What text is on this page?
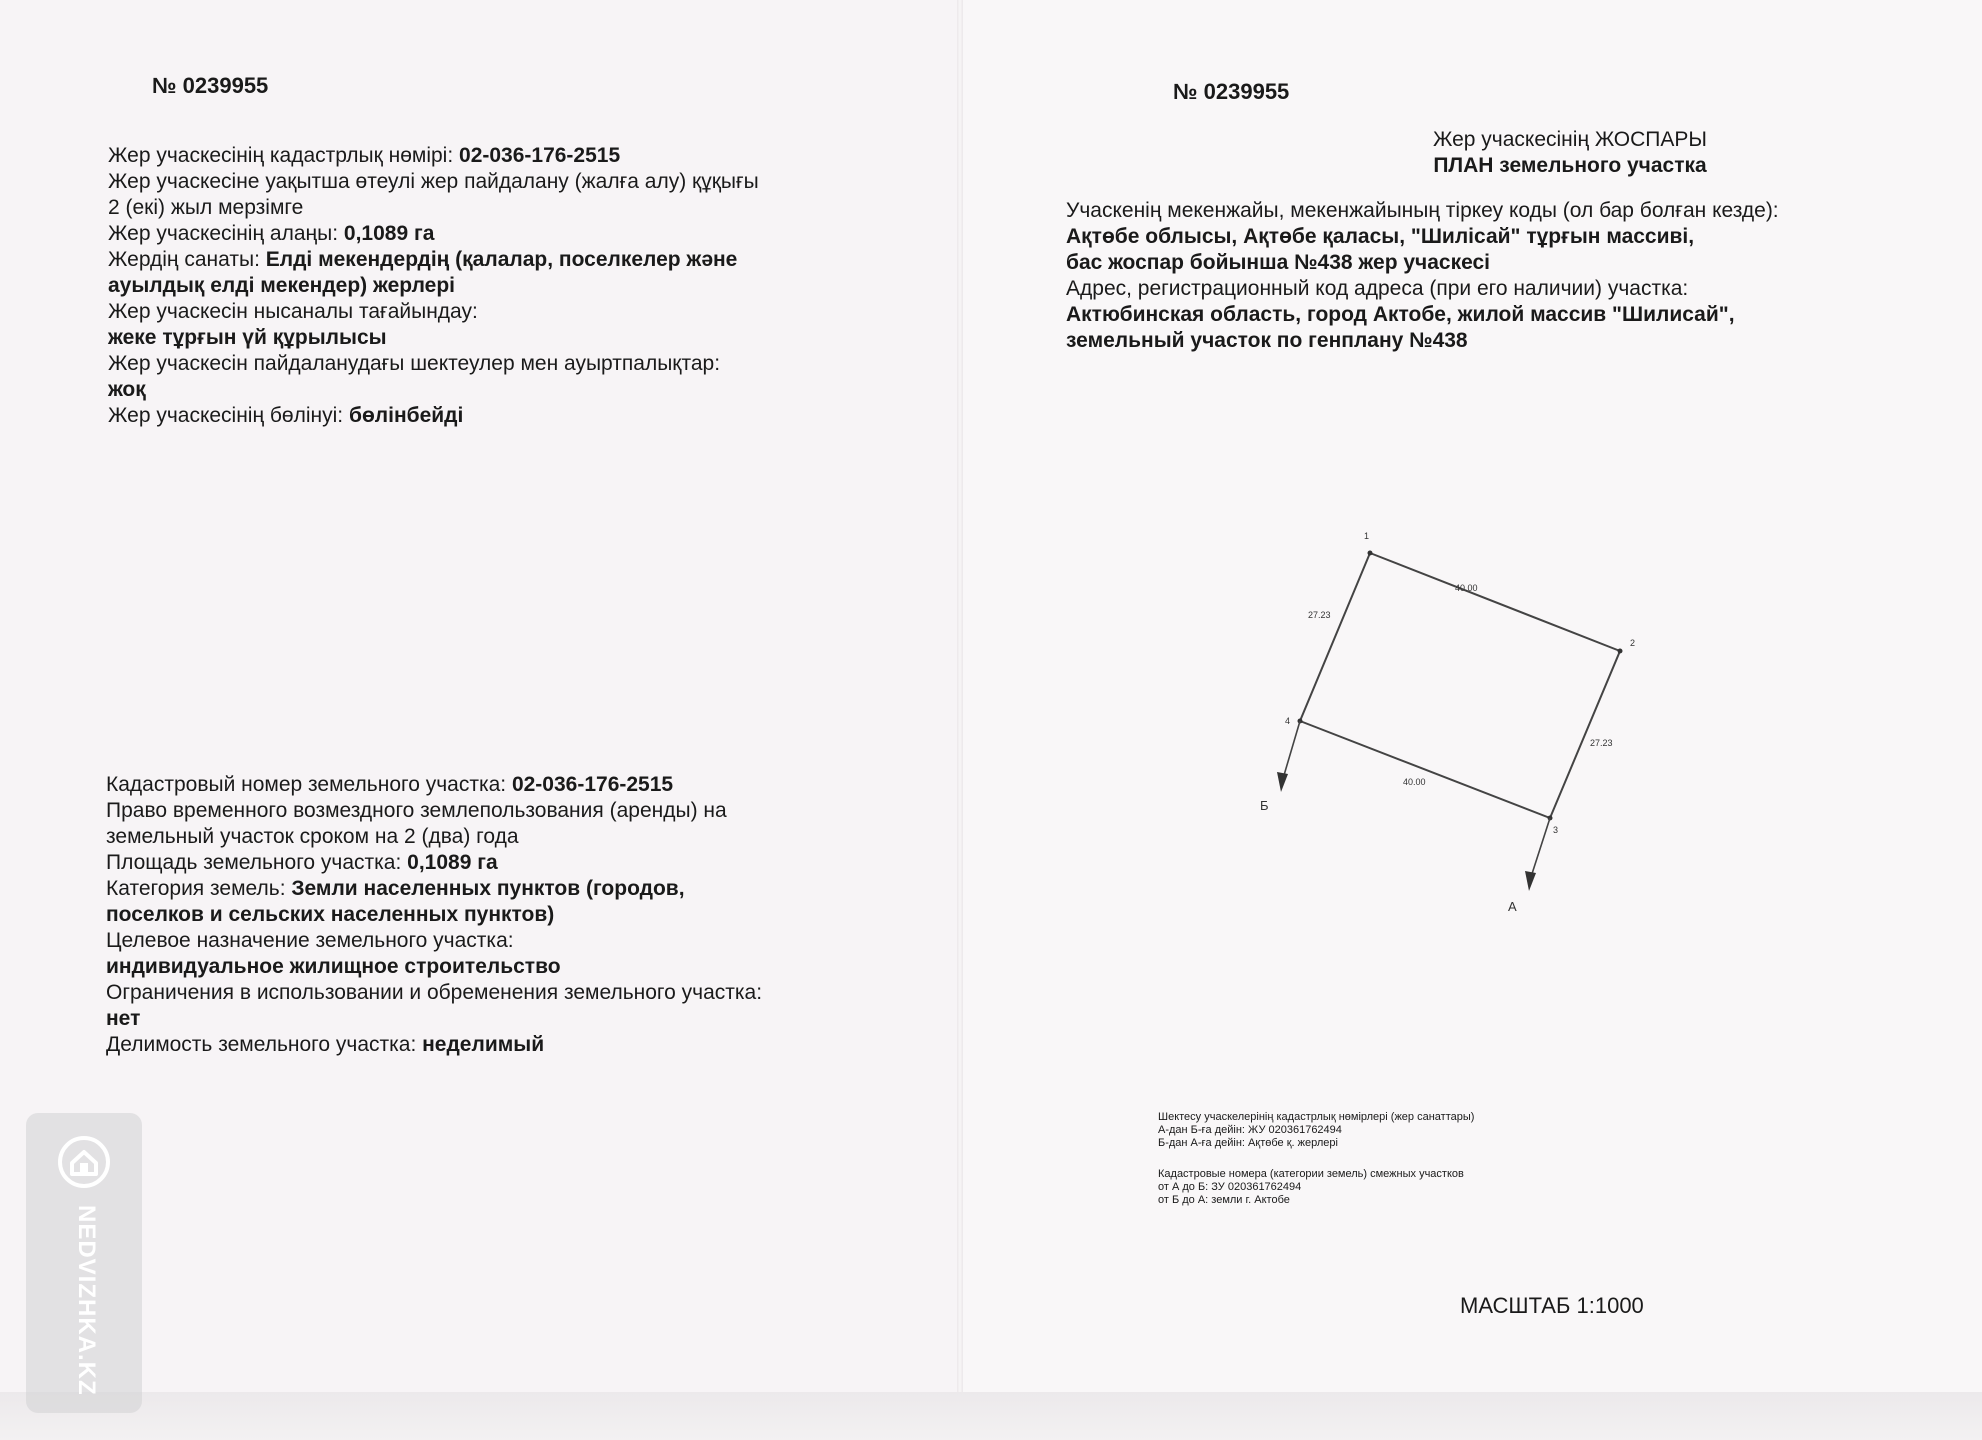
№ 0239955

Жер учаскесінің кадастрлық нөмірі: 02-036-176-2515

Жер учаскесіне уақытша өтеулі жер пайдалану (жалға алу) құқығы

2 (екі) жыл мерзімге

Жер учаскесінің алаңы: 0,1089 га

Жердің санаты: Елді мекендердің (қалалар, поселкелер және

ауылдық елді мекендер) жерлері

Жер учаскесін нысаналы тағайындау:

жеке тұрғын үй құрылысы

Жер учаскесін пайдаланудағы шектеулер мен ауыртпалықтар:

жоқ

Жер учаскесінің бөлінуі: бөлінбейді

Кадастровый номер земельного участка: 02-036-176-2515

Право временного возмездного землепользования (аренды) на

земельный участок сроком на 2 (два) года

Площадь земельного участка: 0,1089 га

Категория земель: Земли населенных пунктов (городов,

поселков и сельских населенных пунктов)

Целевое назначение земельного участка:

индивидуальное жилищное строительство

Ограничения в использовании и обременения земельного участка:

нет

Делимость земельного участка: неделимый

NEDVIZHKA.KZ
№ 0239955

Жер учаскесінің ЖОСПАРЫ

ПЛАН земельного участка

Учаскенің мекенжайы, мекенжайының тіркеу коды (ол бар болған кезде):

Ақтөбе облысы, Ақтөбе қаласы, "Шилісай" тұрғын массиві,

бас жоспар бойынша №438 жер учаскесі

Адрес, регистрационный код адреса (при его наличии) участка:

Актюбинская область, город Актобе, жилой массив "Шилисай",

земельный участок по генплану №438

1
2
3
4
40.00
27.23
40.00
27.23
Б
А
Шектесу учаскелерінің кадастрлық нөмірлері (жер санаттары)
А-дан Б-ға дейін: ЖУ 020361762494
Б-дан А-ға дейін: Ақтөбе қ. жерлері
Кадастровые номера (категории земель) смежных участков
от А до Б: ЗУ 020361762494
от Б до А: земли г. Актобе
МАСШТАБ 1:1000
